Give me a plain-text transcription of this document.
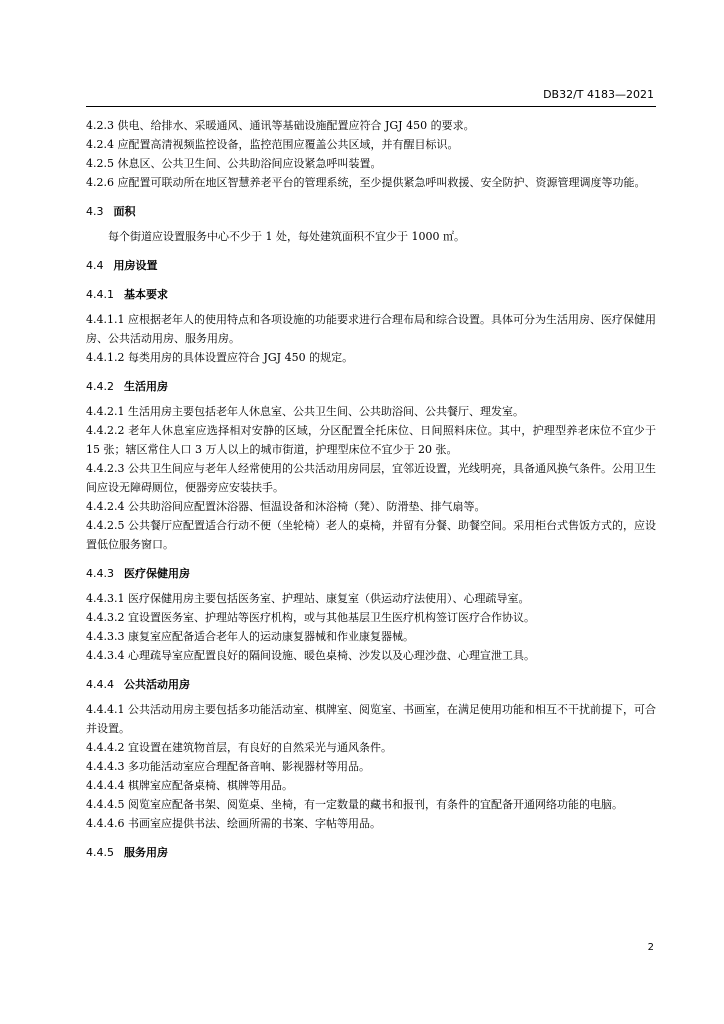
DB32/T 4183—2021

4.2.3 供电、给排水、采暖通风、通讯等基础设施配置应符合 JGJ 450 的要求。

4.2.4 应配置高清视频监控设备，监控范围应覆盖公共区域，并有醒目标识。

4.2.5 休息区、公共卫生间、公共助浴间应设紧急呼叫装置。

4.2.6 应配置可联动所在地区智慧养老平台的管理系统，至少提供紧急呼叫救援、安全防护、资源管理调度等功能。

4.3 面积

每个街道应设置服务中心不少于 1 处，每处建筑面积不宜少于 1000 ㎡。

4.4 用房设置
4.4.1 基本要求

4.4.1.1 应根据老年人的使用特点和各项设施的功能要求进行合理布局和综合设置。具体可分为生活用房、医疗保健用房、公共活动用房、服务用房。

4.4.1.2 每类用房的具体设置应符合 JGJ 450 的规定。

4.4.2 生活用房

4.4.2.1 生活用房主要包括老年人休息室、公共卫生间、公共助浴间、公共餐厅、理发室。

4.4.2.2 老年人休息室应选择相对安静的区域，分区配置全托床位、日间照料床位。其中，护理型养老床位不宜少于 15 张；辖区常住人口 3 万人以上的城市街道，护理型床位不宜少于 20 张。

4.4.2.3 公共卫生间应与老年人经常使用的公共活动用房同层，宜邻近设置，光线明亮，具备通风换气条件。公用卫生间应设无障碍厕位，便器旁应安装扶手。

4.4.2.4 公共助浴间应配置沐浴器、恒温设备和沐浴椅（凳）、防滑垫、排气扇等。

4.4.2.5 公共餐厅应配置适合行动不便（坐轮椅）老人的桌椅，并留有分餐、助餐空间。采用柜台式售饭方式的，应设置低位服务窗口。

4.4.3 医疗保健用房

4.4.3.1 医疗保健用房主要包括医务室、护理站、康复室（供运动疗法使用）、心理疏导室。

4.4.3.2 宜设置医务室、护理站等医疗机构，或与其他基层卫生医疗机构签订医疗合作协议。

4.4.3.3 康复室应配备适合老年人的运动康复器械和作业康复器械。

4.4.3.4 心理疏导室应配置良好的隔间设施、暖色桌椅、沙发以及心理沙盘、心理宣泄工具。

4.4.4 公共活动用房

4.4.4.1 公共活动用房主要包括多功能活动室、棋牌室、阅览室、书画室，在满足使用功能和相互不干扰前提下，可合并设置。

4.4.4.2 宜设置在建筑物首层，有良好的自然采光与通风条件。

4.4.4.3 多功能活动室应合理配备音响、影视器材等用品。

4.4.4.4 棋牌室应配备桌椅、棋牌等用品。

4.4.4.5 阅览室应配备书架、阅览桌、坐椅，有一定数量的藏书和报刊，有条件的宜配备开通网络功能的电脑。

4.4.4.6 书画室应提供书法、绘画所需的书案、字帖等用品。

4.4.5 服务用房
2
